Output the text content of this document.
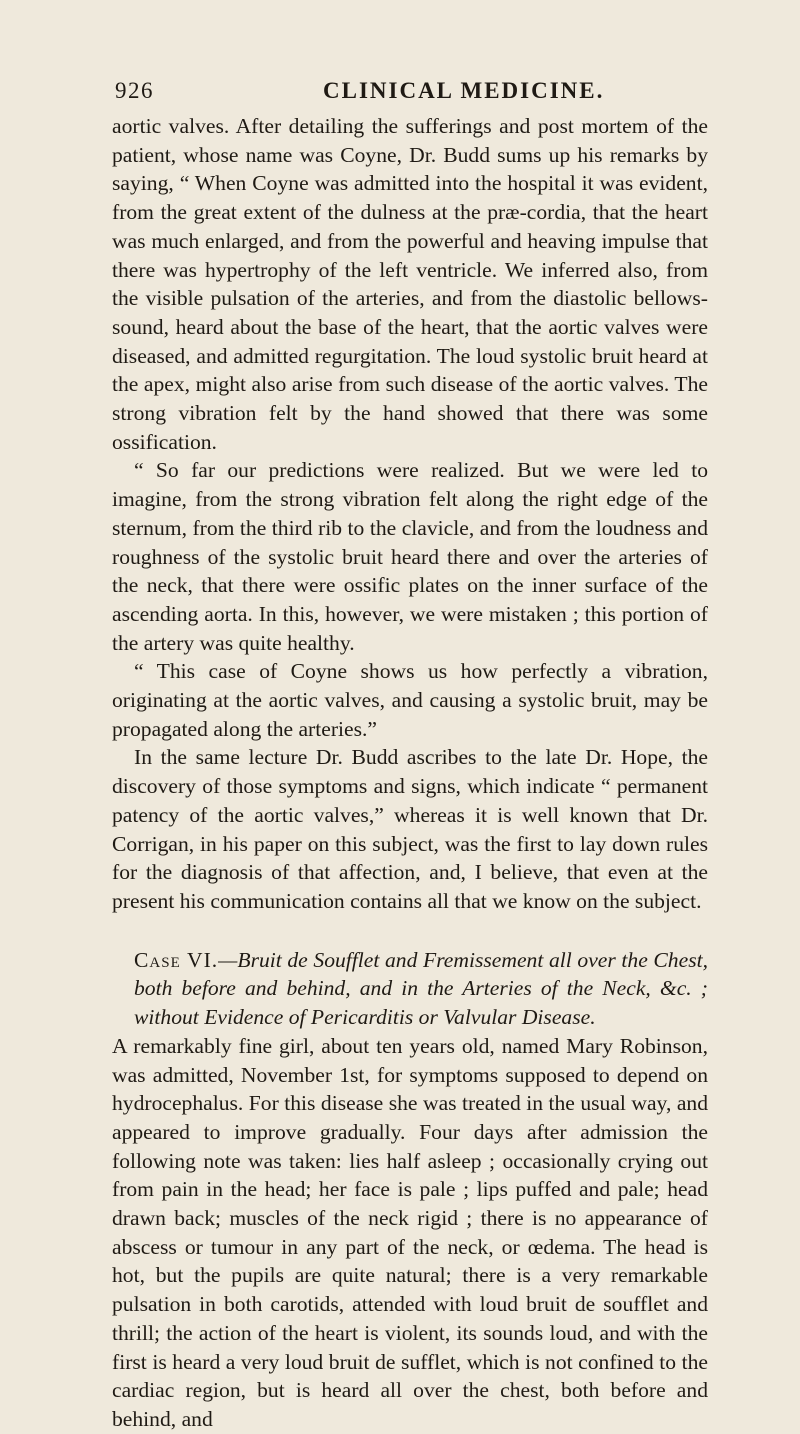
926	CLINICAL MEDICINE.

aortic valves. After detailing the sufferings and post mortem of the patient, whose name was Coyne, Dr. Budd sums up his remarks by saying, “ When Coyne was admitted into the hospital it was evident, from the great extent of the dulness at the præ-cordia, that the heart was much enlarged, and from the powerful and heaving impulse that there was hypertrophy of the left ventricle. We inferred also, from the visible pulsation of the arteries, and from the diastolic bellows-sound, heard about the base of the heart, that the aortic valves were diseased, and admitted regurgitation. The loud systolic bruit heard at the apex, might also arise from such disease of the aortic valves. The strong vibration felt by the hand showed that there was some ossification.

“ So far our predictions were realized. But we were led to imagine, from the strong vibration felt along the right edge of the sternum, from the third rib to the clavicle, and from the loudness and roughness of the systolic bruit heard there and over the arteries of the neck, that there were ossific plates on the inner surface of the ascending aorta. In this, however, we were mistaken ; this portion of the artery was quite healthy.

“ This case of Coyne shows us how perfectly a vibration, originating at the aortic valves, and causing a systolic bruit, may be propagated along the arteries.”

In the same lecture Dr. Budd ascribes to the late Dr. Hope, the discovery of those symptoms and signs, which indicate “ permanent patency of the aortic valves,” whereas it is well known that Dr. Corrigan, in his paper on this subject, was the first to lay down rules for the diagnosis of that affection, and, I believe, that even at the present his communication contains all that we know on the subject.

Case VI.—Bruit de Soufflet and Fremissement all over the Chest, both before and behind, and in the Arteries of the Neck, &c. ; without Evidence of Pericarditis or Valvular Disease.

A remarkably fine girl, about ten years old, named Mary Robinson, was admitted, November 1st, for symptoms supposed to depend on hydrocephalus. For this disease she was treated in the usual way, and appeared to improve gradually. Four days after admission the following note was taken: lies half asleep ; occasionally crying out from pain in the head; her face is pale ; lips puffed and pale; head drawn back; muscles of the neck rigid ; there is no appearance of abscess or tumour in any part of the neck, or œdema. The head is hot, but the pupils are quite natural; there is a very remarkable pulsation in both carotids, attended with loud bruit de soufflet and thrill; the action of the heart is violent, its sounds loud, and with the first is heard a very loud bruit de sufflet, which is not confined to the cardiac region, but is heard all over the chest, both before and behind, and
